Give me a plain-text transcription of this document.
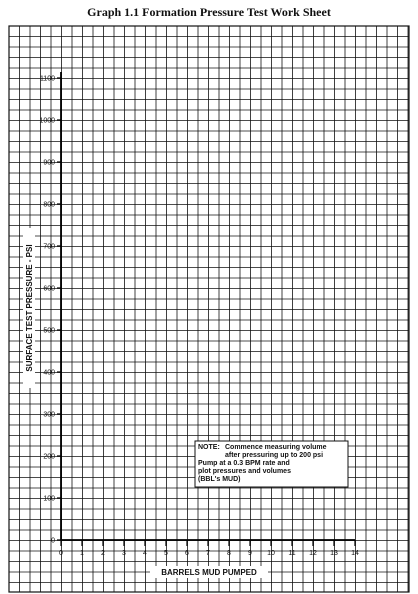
Graph 1.1 Formation Pressure Test Work Sheet
0
100
200
300
400
500
600
700
800
900
1000
1100
0 1 2 3 4 5 6 7 8 9 10 11 12 13 14
BARRELS MUD PUMPED
SURFACE TEST PRESSURE - PSI
NOTE: Commence measuring volume
after pressuring up to 200 psi
Pump at a 0.3 BPM rate and
plot pressures and volumes
(BBL's MUD)
